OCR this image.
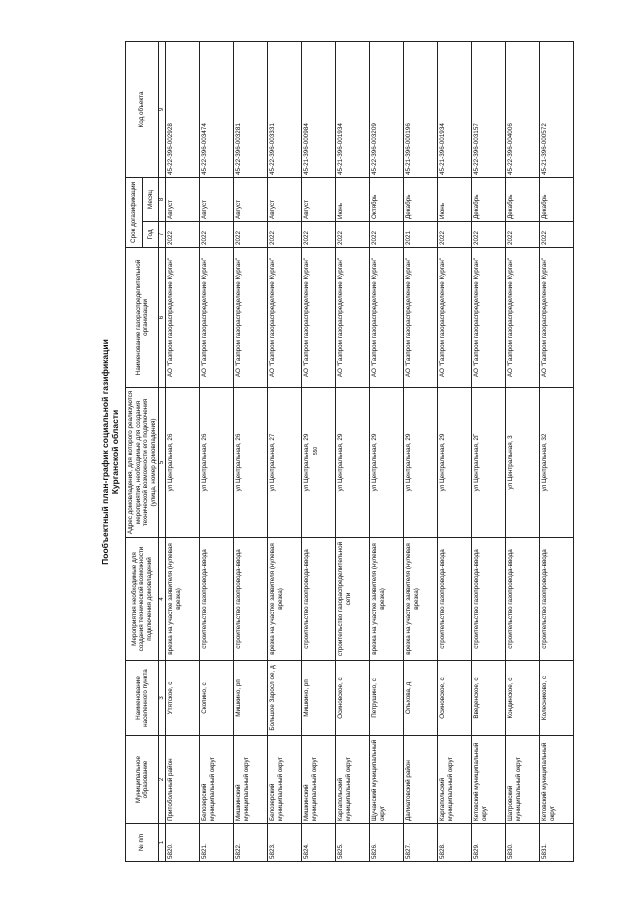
550
Пообъектный план-график социальной газификации Курганской области
№ п/п	Муниципальное образование	Наименование населенного пункта	Мероприятия необходимые для создания технической возможности подключения домовладений	Адрес домовладения, для которого реализуются мероприятия, необходимые для создания технической возможности его подключения (улица, номер домовладения)	Наименование газораспределительной организации	Срок догазификации		Код объекта
						Год	Месяц	
1	2	3	4	5	6	7	8	9
5820.	Притобольный район	Утятское, с	врезка на участке заявителя (нулевая врезка)	ул Центральная, 26	АО "Газпром газораспределение Курган"	2022	Август	45-22-396-002928
5821.	Белозерский муниципальный округ	Скопино, с	строительство газопровода-ввода	ул Центральная, 26	АО "Газпром газораспределение Курган"	2022	Август	45-22-396-003474
5822.	Мишкинский муниципальный округ	Мишкино, рп	строительство газопровода-ввода	ул Центральная, 26	АО "Газпром газораспределение Курган"	2022	Август	45-22-396-003281
5823.	Белозерский муниципальный округ	Большое Заросл ое, д	врезка на участке заявителя (нулевая врезка)	ул Центральная, 27	АО "Газпром газораспределение Курган"	2022	Август	45-22-396-003331
5824.	Мишкинский муниципальный округ	Мишкино, рп	строительство газопровода-ввода	ул Центральная, 29	АО "Газпром газораспределение Курган"	2022	Август	45-21-396-000984
5825.	Каргапольский муниципальный округ	Осиновское, с	строительство газораспределительной сети	ул Центральная, 29	АО "Газпром газораспределение Курган"	2022	Июнь	45-21-396-001934
5826.	Щучанский муниципальный округ	Петрушино, с	врезка на участке заявителя (нулевая врезка)	ул Центральная, 29	АО "Газпром газораспределение Курган"	2022	Октябрь	45-22-396-003209
5827.	Далматовский район	Ольхова, д	врезка на участке заявителя (нулевая врезка)	ул Центральная, 29	АО "Газпром газораспределение Курган"	2021	Декабрь	45-21-396-000196
5828.	Каргапольский муниципальный округ	Осиновское, с	строительство газопровода-ввода	ул Центральная, 29	АО "Газпром газораспределение Курган"	2022	Июнь	45-21-396-001934
5829.	Кетовский муниципальный округ	Введенское, с	строительство газопровода-ввода	ул Центральная, 2Г	АО "Газпром газораспределение Курган"	2022	Декабрь	45-22-396-003157
5830.	Шатровский муниципальный округ	Кондинское, с	строительство газопровода-ввода	ул Центральная, 3	АО "Газпром газораспределение Курган"	2022	Декабрь	45-22-396-004006
5831.	Кетовский муниципальный округ	Колесниково, с	строительство газопровода-ввода	ул Центральная, 32	АО "Газпром газораспределение Курган"	2022	Декабрь	45-21-396-000572
